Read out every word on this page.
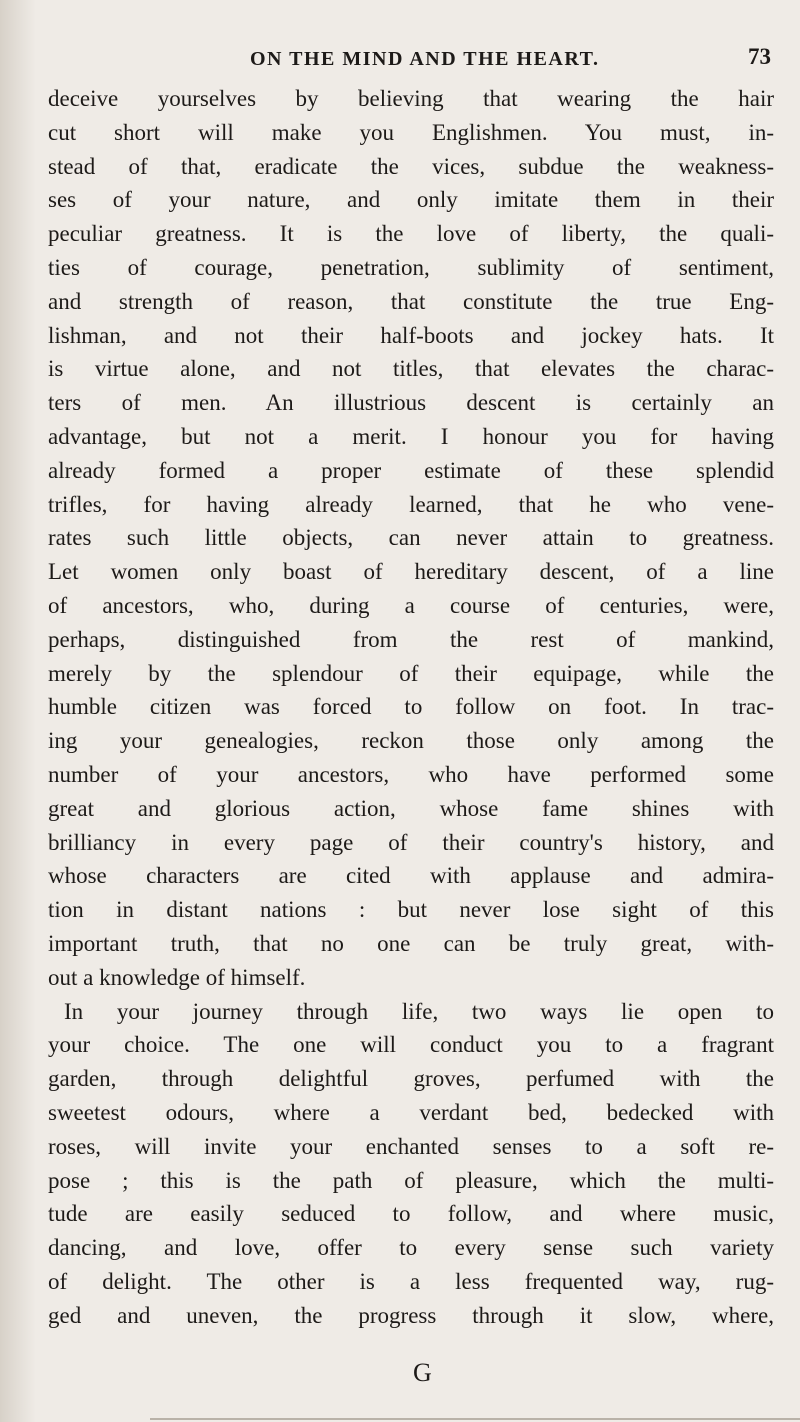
ON THE MIND AND THE HEART.	73
deceive yourselves by believing that wearing the hair
cut short will make you Englishmen. You must, in-
stead of that, eradicate the vices, subdue the weakness-
ses of your nature, and only imitate them in their
peculiar greatness. It is the love of liberty, the quali-
ties of courage, penetration, sublimity of sentiment,
and strength of reason, that constitute the true Eng-
lishman, and not their half-boots and jockey hats. It
is virtue alone, and not titles, that elevates the charac-
ters of men. An illustrious descent is certainly an
advantage, but not a merit. I honour you for having
already formed a proper estimate of these splendid
trifles, for having already learned, that he who vene-
rates such little objects, can never attain to greatness.
Let women only boast of hereditary descent, of a line
of ancestors, who, during a course of centuries, were,
perhaps, distinguished from the rest of mankind,
merely by the splendour of their equipage, while the
humble citizen was forced to follow on foot. In trac-
ing your genealogies, reckon those only among the
number of your ancestors, who have performed some
great and glorious action, whose fame shines with
brilliancy in every page of their country's history, and
whose characters are cited with applause and admira-
tion in distant nations : but never lose sight of this
important truth, that no one can be truly great, with-
out a knowledge of himself.
In your journey through life, two ways lie open to
your choice. The one will conduct you to a fragrant
garden, through delightful groves, perfumed with the
sweetest odours, where a verdant bed, bedecked with
roses, will invite your enchanted senses to a soft re-
pose ; this is the path of pleasure, which the multi-
tude are easily seduced to follow, and where music,
dancing, and love, offer to every sense such variety
of delight. The other is a less frequented way, rug-
ged and uneven, the progress through it slow, where,
G
